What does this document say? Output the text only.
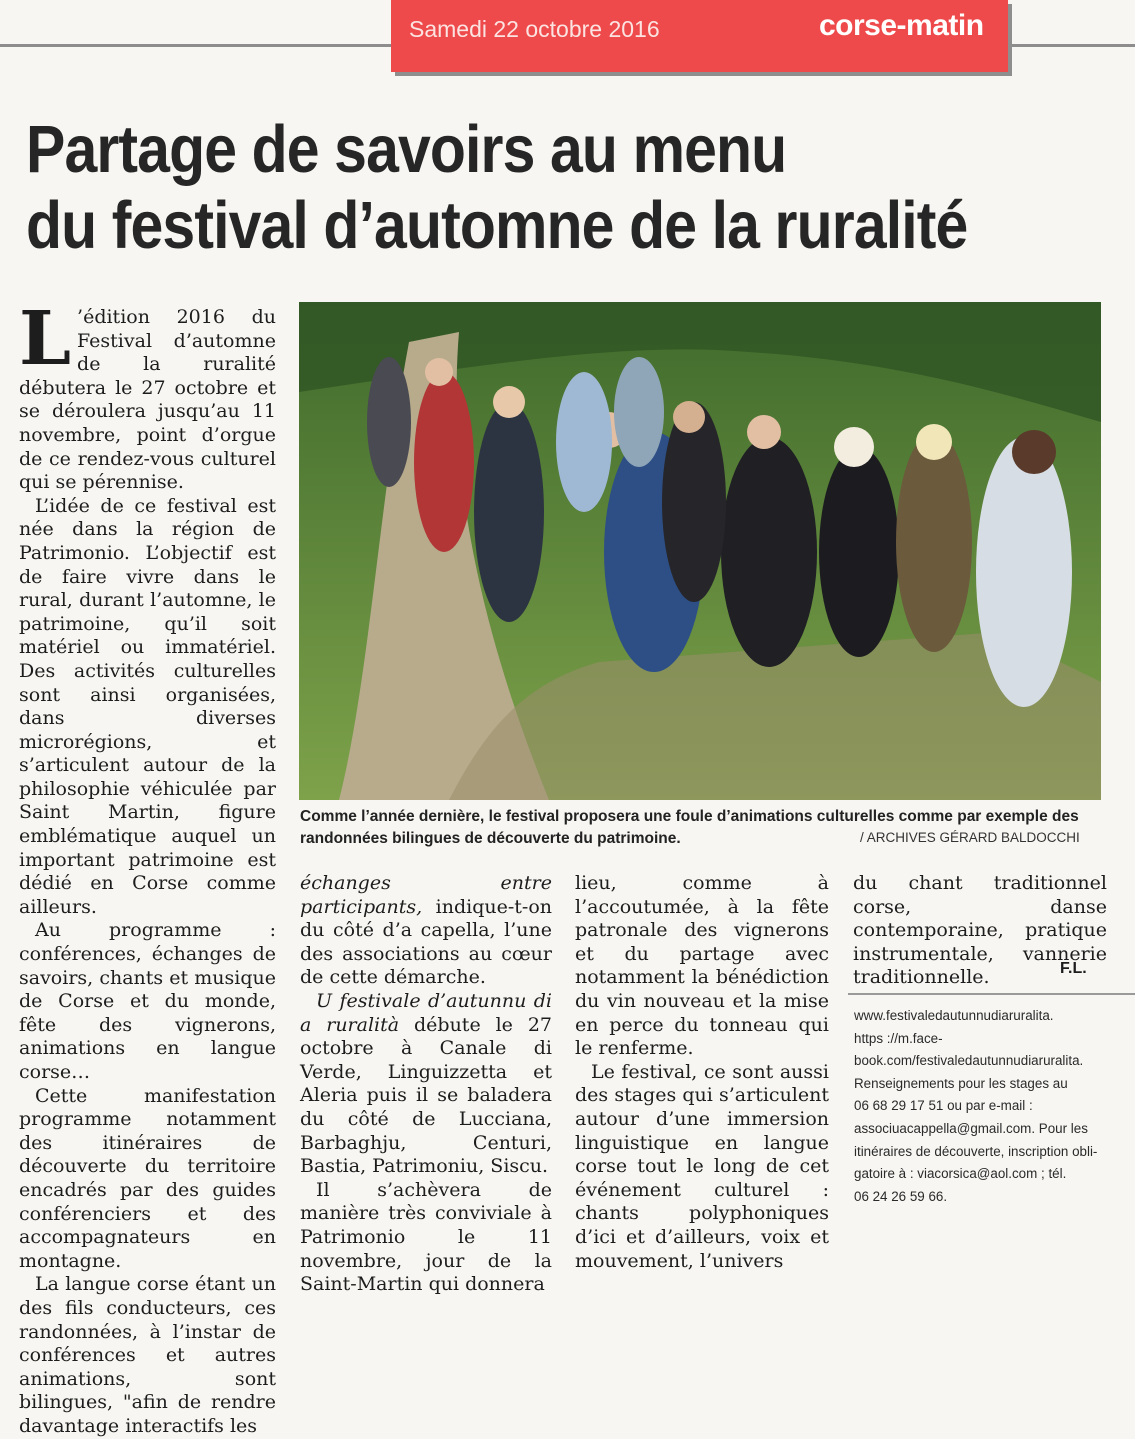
Samedi 22 octobre 2016	corse-matin
Partage de savoirs au menu
du festival d’automne de la ruralité

L ’édition 2016 du Festival d’automne de la ruralité débutera le 27 octobre et se déroulera jusqu’au 11 novembre, point d’orgue de ce rendez-vous culturel qui se pérennise.

L’idée de ce festival est née dans la région de Patrimonio. L’objectif est de faire vivre dans le rural, durant l’automne, le patrimoine, qu’il soit matériel ou immatériel. Des activités culturelles sont ainsi organisées, dans diverses microrégions, et s’articulent autour de la philosophie véhiculée par Saint Martin, figure emblématique auquel un important patrimoine est dédié en Corse comme ailleurs.

Au programme : conférences, échanges de savoirs, chants et musique de Corse et du monde, fête des vignerons, animations en langue corse…

Cette manifestation programme notamment des itinéraires de découverte du territoire encadrés par des guides conférenciers et des accompagnateurs en montagne.

La langue corse étant un des fils conducteurs, ces randonnées, à l’instar de conférences et autres animations, sont bilingues, "afin de rendre davantage interactifs les

Comme l’année dernière, le festival proposera une foule d’animations culturelles comme par exemple des randonnées bilingues de découverte du patrimoine.	/ ARCHIVES GÉRARD BALDOCCHI

échanges entre participants, indique-t-on du côté d’a capella, l’une des associations au cœur de cette démarche.

U festivale d’autunnu di a ruralità débute le 27 octobre à Canale di Verde, Linguizzetta et Aleria puis il se baladera du côté de Lucciana, Barbaghju, Centuri, Bastia, Patrimoniu, Siscu.

Il s’achèvera de manière très conviviale à Patrimonio le 11 novembre, jour de la Saint-Martin qui donnera

lieu, comme à l’accoutumée, à la fête patronale des vignerons et du partage avec notamment la bénédiction du vin nouveau et la mise en perce du tonneau qui le renferme.

Le festival, ce sont aussi des stages qui s’articulent autour d’une immersion linguistique en langue corse tout le long de cet événement culturel : chants polyphoniques d’ici et d’ailleurs, voix et mouvement, l’univers

du chant traditionnel corse, danse contemporaine, pratique instrumentale, vannerie traditionnelle.	F.L.

www.festivaledautunnudiaruralita.

https ://m.face-

book.com/festivaledautunnudiaruralita.

Renseignements pour les stages au

06 68 29 17 51 ou par e-mail :

associuacappella@gmail.com. Pour les

itinéraires de découverte, inscription obli-

gatoire à : viacorsica@aol.com ; tél.

06 24 26 59 66.
